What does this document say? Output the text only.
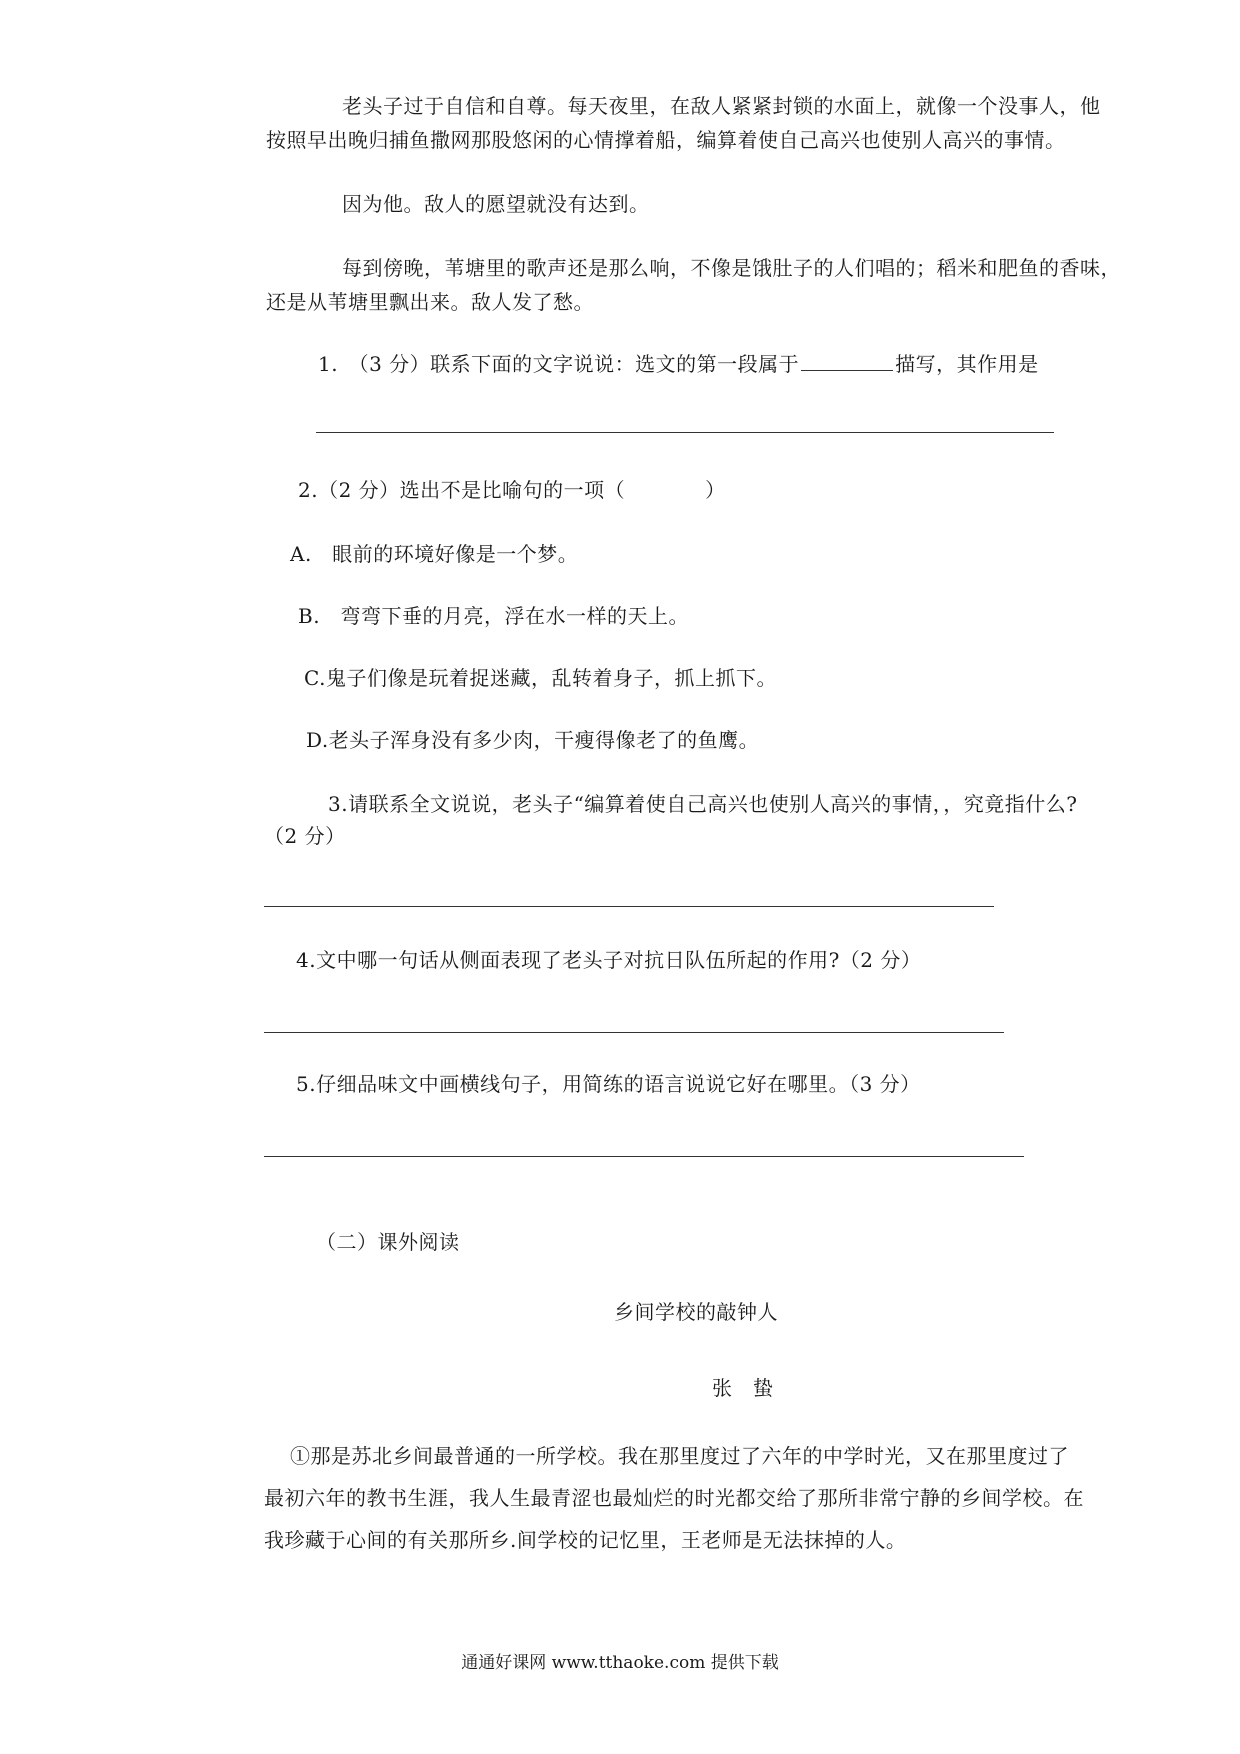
老头子过于自信和自尊。每天夜里，在敌人紧紧封锁的水面上，就像一个没事人，他
按照早出晚归捕鱼撒网那股悠闲的心情撑着船，编算着使自己高兴也使别人高兴的事情。
因为他。敌人的愿望就没有达到。
每到傍晚，苇塘里的歌声还是那么响，不像是饿肚子的人们唱的；稻米和肥鱼的香味，
还是从苇塘里飘出来。敌人发了愁。
1.　（3 分）联系下面的文字说说：选文的第一段属于	描写，其作用是
2.（2 分）选出不是比喻句的一项（	）
A.　眼前的环境好像是一个梦。
B.　弯弯下垂的月亮，浮在水一样的天上。
C.鬼子们像是玩着捉迷藏，乱转着身子，抓上抓下。
D.老头子浑身没有多少肉，干瘦得像老了的鱼鹰。
3.请联系全文说说，老头子“编算着使自己高兴也使别人高兴的事情，，究竟指什么?
（2 分）
4.文中哪一句话从侧面表现了老头子对抗日队伍所起的作用?（2 分）
5.仔细品味文中画横线句子，用简练的语言说说它好在哪里。（3 分）
（二）课外阅读
乡间学校的敲钟人
张　蛰
①那是苏北乡间最普通的一所学校。我在那里度过了六年的中学时光，又在那里度过了
最初六年的教书生涯，我人生最青涩也最灿烂的时光都交给了那所非常宁静的乡间学校。在
我珍藏于心间的有关那所乡.间学校的记忆里，王老师是无法抹掉的人。
通通好课网 www.tthaoke.com 提供下载
